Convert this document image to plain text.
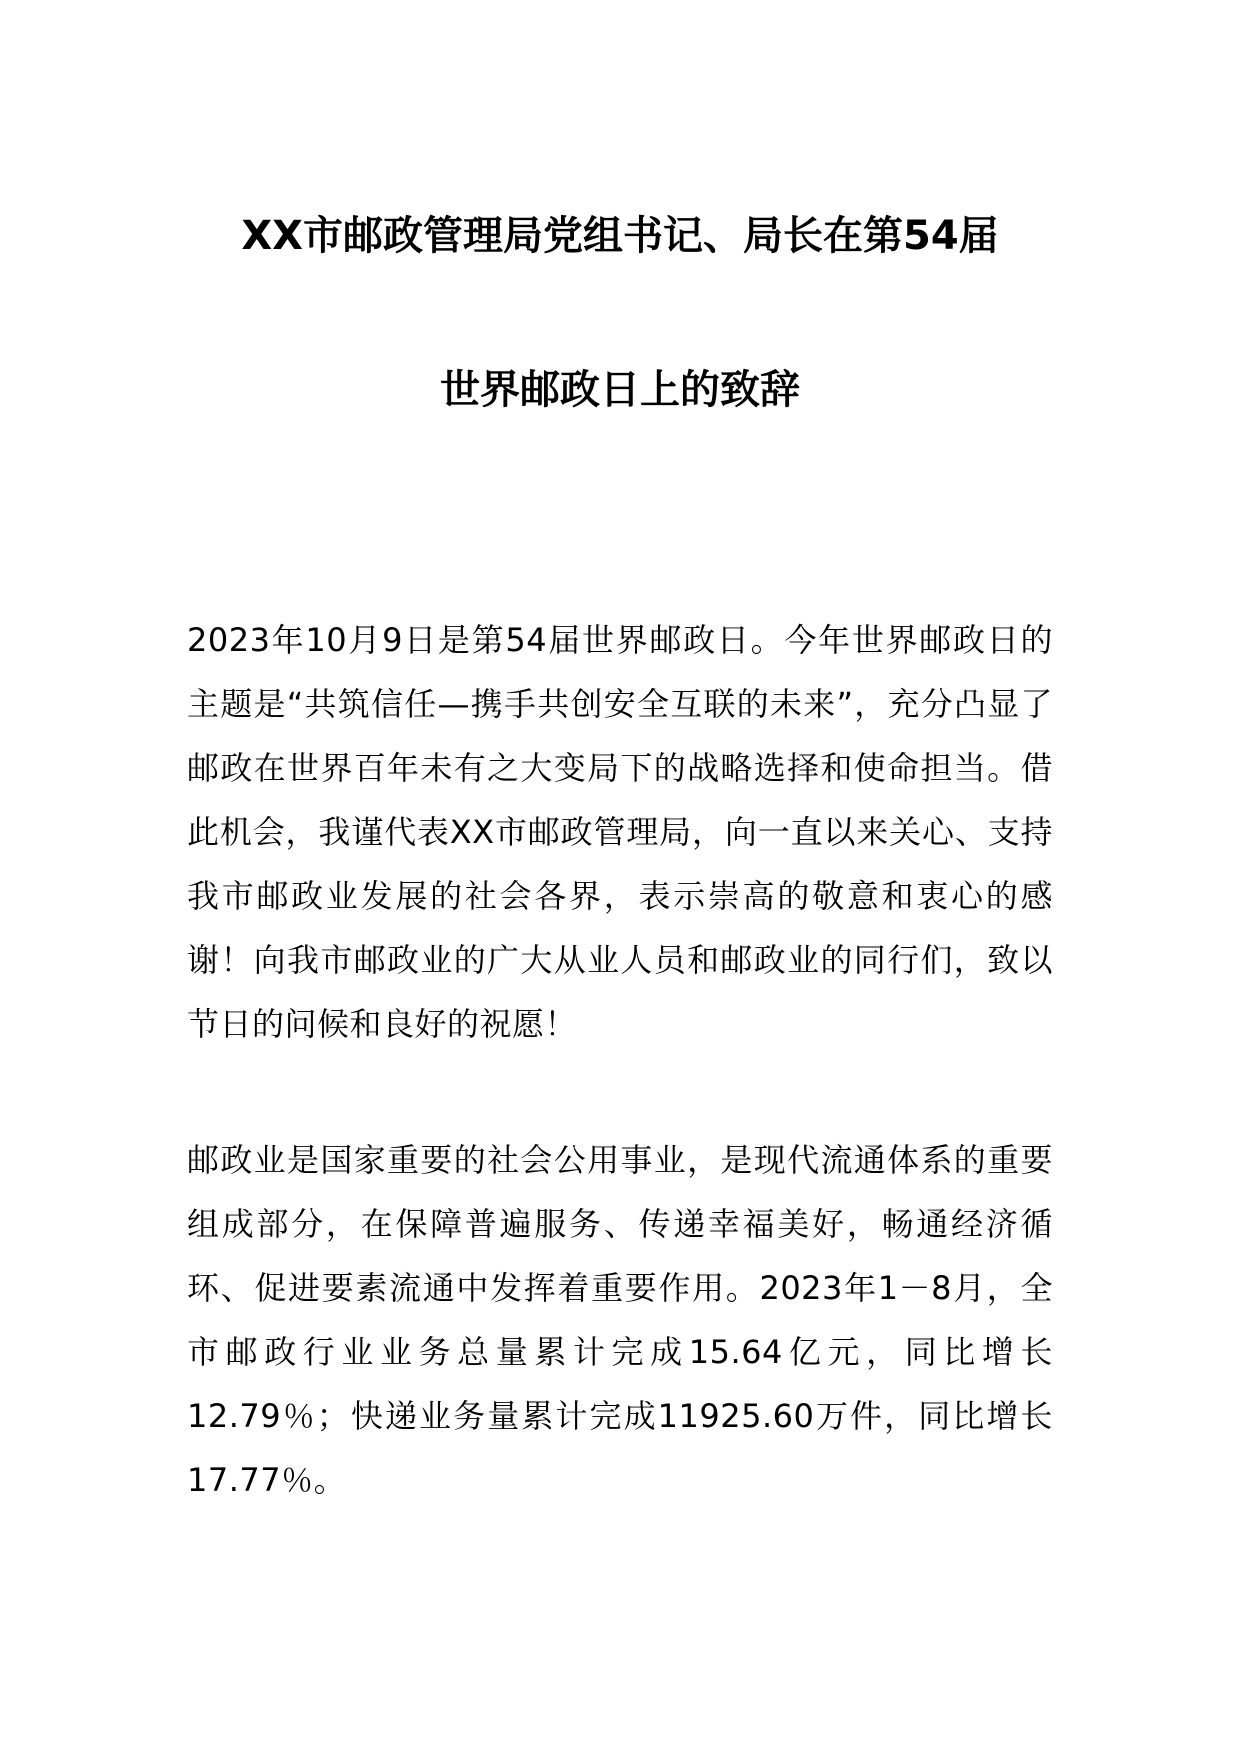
XX市邮政管理局党组书记、局长在第54届
世界邮政日上的致辞
2023年10月9日是第54届世界邮政日。今年世界邮政日的主题是“共筑信任—携手共创安全互联的未来”，充分凸显了邮政在世界百年未有之大变局下的战略选择和使命担当。借此机会，我谨代表XX市邮政管理局，向一直以来关心、支持我市邮政业发展的社会各界，表示崇高的敬意和衷心的感谢！向我市邮政业的广大从业人员和邮政业的同行们，致以节日的问候和良好的祝愿！
邮政业是国家重要的社会公用事业，是现代流通体系的重要组成部分，在保障普遍服务、传递幸福美好，畅通经济循环、促进要素流通中发挥着重要作用。2023年1－8月，全市邮政行业业务总量累计完成15.64亿元，同比增长12.79％；快递业务量累计完成11925.60万件，同比增长17.77％。
